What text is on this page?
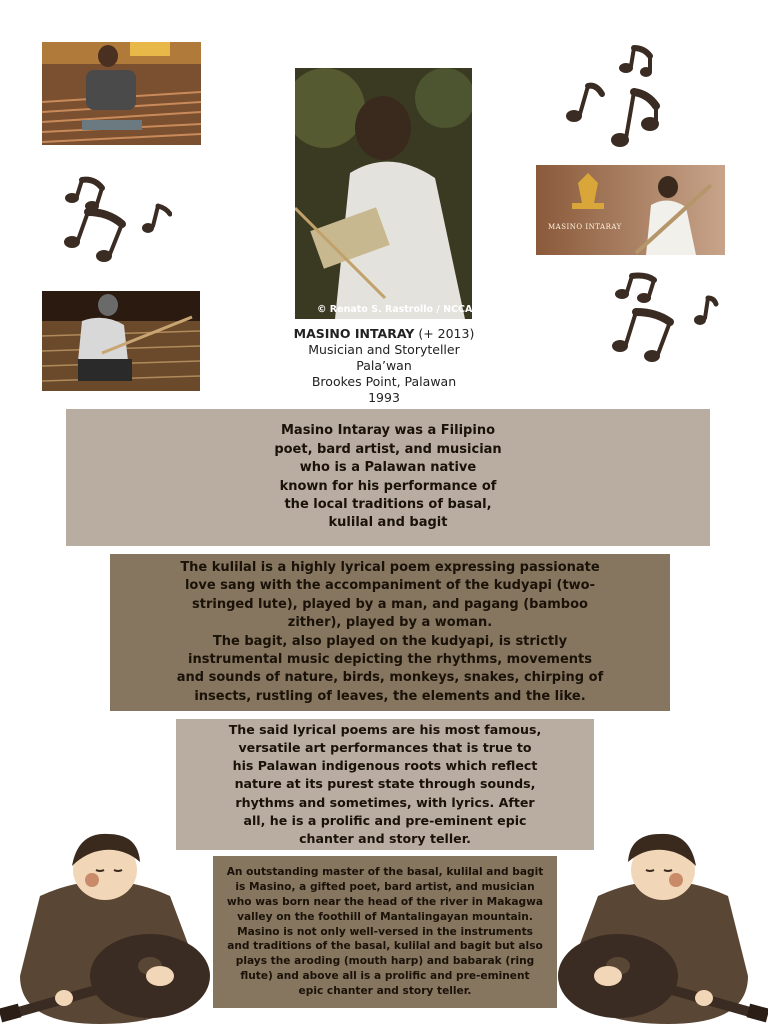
© Renato S. Rastrollo / NCCA
MASINO INTARAY
MASINO INTARAY (+ 2013)
Musician and Storyteller
Pala’wan
Brookes Point, Palawan
1993

Masino Intaray was a Filipino
poet, bard artist, and musician
who is a Palawan native
known for his performance of
the local traditions of basal,
kulilal and bagit

The kulilal is a highly lyrical poem expressing passionate
love sang with the accompaniment of the kudyapi (two-
stringed lute), played by a man, and pagang (bamboo
zither), played by a woman.
The bagit, also played on the kudyapi, is strictly
instrumental music depicting the rhythms, movements
and sounds of nature, birds, monkeys, snakes, chirping of
insects, rustling of leaves, the elements and the like.

The said lyrical poems are his most famous,
versatile art performances that is true to
his Palawan indigenous roots which reflect
nature at its purest state through sounds,
rhythms and sometimes, with lyrics. After
all, he is a prolific and pre-eminent epic
chanter and story teller.

An outstanding master of the basal, kulilal and bagit
is Masino, a gifted poet, bard artist, and musician
who was born near the head of the river in Makagwa
valley on the foothill of Mantalingayan mountain.
Masino is not only well-versed in the instruments
and traditions of the basal, kulilal and bagit but also
plays the aroding (mouth harp) and babarak (ring
flute) and above all is a prolific and pre-eminent
epic chanter and story teller.
